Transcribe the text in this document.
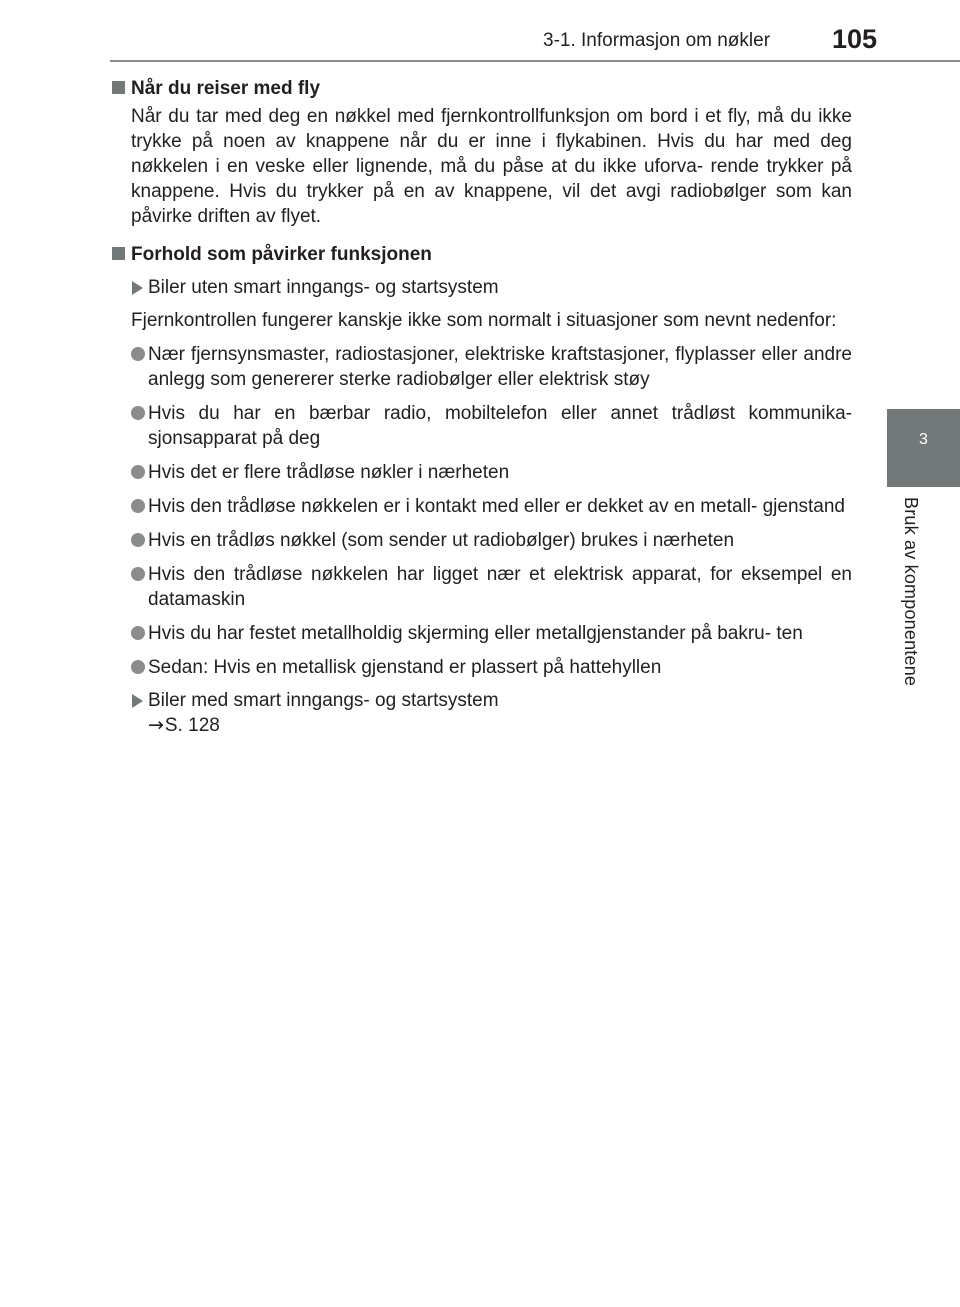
3-1. Informasjon om nøkler 105
3
Bruk av komponentene
Når du reiser med fly
Når du tar med deg en nøkkel med fjernkontrollfunksjon om bord i et fly, må du ikke trykke på noen av knappene når du er inne i flykabinen. Hvis du har med deg nøkkelen i en veske eller lignende, må du påse at du ikke uforva- rende trykker på knappene. Hvis du trykker på en av knappene, vil det avgi radiobølger som kan påvirke driften av flyet.
Forhold som påvirker funksjonen
Biler uten smart inngangs- og startsystem
Fjernkontrollen fungerer kanskje ikke som normalt i situasjoner som nevnt nedenfor:
Nær fjernsynsmaster, radiostasjoner, elektriske kraftstasjoner, flyplasser eller andre anlegg som genererer sterke radiobølger eller elektrisk støy
Hvis du har en bærbar radio, mobiltelefon eller annet trådløst kommunika- sjonsapparat på deg
Hvis det er flere trådløse nøkler i nærheten
Hvis den trådløse nøkkelen er i kontakt med eller er dekket av en metall- gjenstand
Hvis en trådløs nøkkel (som sender ut radiobølger) brukes i nærheten
Hvis den trådløse nøkkelen har ligget nær et elektrisk apparat, for eksempel en datamaskin
Hvis du har festet metallholdig skjerming eller metallgjenstander på bakru- ten
Sedan: Hvis en metallisk gjenstand er plassert på hattehyllen
Biler med smart inngangs- og startsystem
→S. 128
